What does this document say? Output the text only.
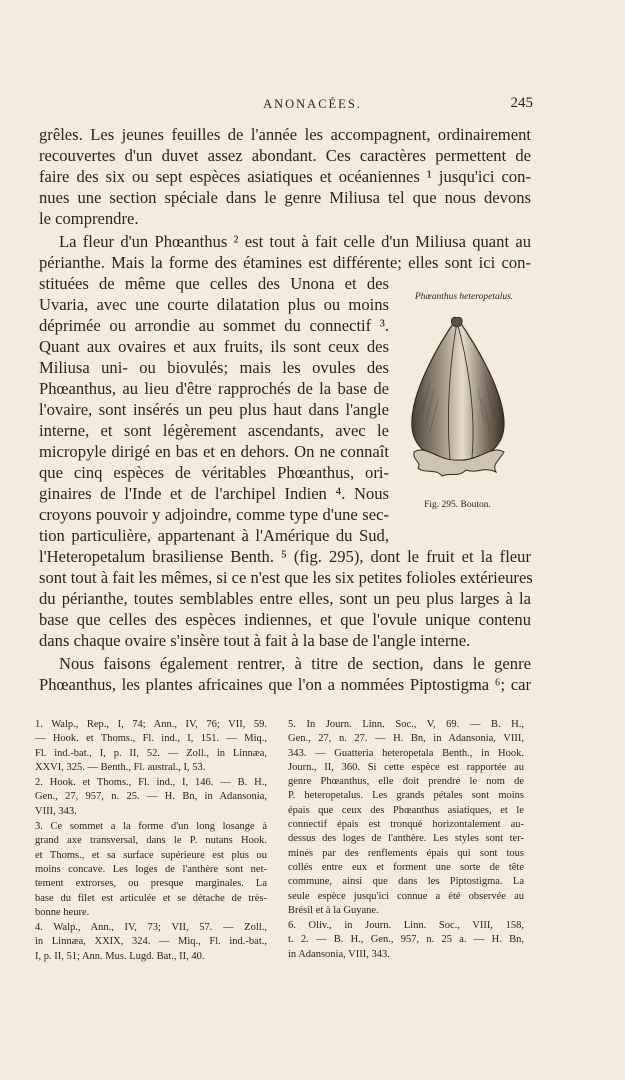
ANONACÉES.	245
grêles. Les jeunes feuilles de l'année les accompagnent, ordinairement
recouvertes d'un duvet assez abondant. Ces caractères permettent de
faire des six ou sept espèces asiatiques et océaniennes ¹ jusqu'ici con-
nues une section spéciale dans le genre Miliusa tel que nous devons
le comprendre.
La fleur d'un Phœanthus ² est tout à fait celle d'un Miliusa quant au
périanthe. Mais la forme des étamines est différente; elles sont ici con-
stituées de même que celles des Unona et des
Uvaria, avec une courte dilatation plus ou moins
déprimée ou arrondie au sommet du connectif ³.
Quant aux ovaires et aux fruits, ils sont ceux des
Miliusa uni- ou biovulés; mais les ovules des
Phœanthus, au lieu d'être rapprochés de la base de
l'ovaire, sont insérés un peu plus haut dans l'angle
interne, et sont légèrement ascendants, avec le
micropyle dirigé en bas et en dehors. On ne connaît
que cinq espèces de véritables Phœanthus, ori-
ginaires de l'Inde et de l'archipel Indien ⁴. Nous
croyons pouvoir y adjoindre, comme type d'une sec-
tion particulière, appartenant à l'Amérique du Sud,
l'Heteropetalum brasiliense Benth. ⁵ (fig. 295), dont le fruit et la fleur
sont tout à fait les mêmes, si ce n'est que les six petites folioles extérieures
du périanthe, toutes semblables entre elles, sont un peu plus larges à la
base que celles des espèces indiennes, et que l'ovule unique contenu
dans chaque ovaire s'insère tout à fait à la base de l'angle interne.
Nous faisons également rentrer, à titre de section, dans le genre
Phœanthus, les plantes africaines que l'on a nommées Piptostigma ⁶; car
Phœanthus heteropetalus.
Fig. 295. Bouton.
1. Walp., Rep., I, 74; Ann., IV, 76; VII, 59.
— Hook. et Thoms., Fl. ind., I, 151. — Miq.,
Fl. ind.-bat., I, p. II, 52. — Zoll., in Linnæa,
XXVI, 325. — Benth., Fl. austral., I, 53.
2. Hook. et Thoms., Fl. ind., I, 146. — B. H.,
Gen., 27, 957, n. 25. — H. Bn, in Adansonia,
VIII, 343.
3. Ce sommet a la forme d'un long losange à
grand axe transversal, dans le P. nutans Hook.
et Thoms., et sa surface supérieure est plus ou
moins concave. Les loges de l'anthère sont net-
tement extrorses, ou presque marginales. La
base du filet est articulée et se détache de très-
bonne heure.
4. Walp., Ann., IV, 73; VII, 57. — Zoll.,
in Linnæa, XXIX, 324. — Miq., Fl. ind.-bat.,
I, p. II, 51; Ann. Mus. Lugd. Bat., II, 40.
5. In Journ. Linn. Soc., V, 69. — B. H.,
Gen., 27, n. 27. — H. Bn, in Adansonia, VIII,
343. — Guatteria heteropetala Benth., in Hook.
Journ., II, 360. Si cette espèce est rapportée au
genre Phœanthus, elle doit prendre le nom de
P. heteropetalus. Les grands pétales sont moins
épais que ceux des Phœanthus asiatiques, et le
connectif épais est tronqué horizontalement au-
dessus des loges de l'anthère. Les styles sont ter-
minés par des renflements épais qui sont tous
collés entre eux et forment une sorte de tête
commune, ainsi que dans les Piptostigma. La
seule espèce jusqu'ici connue a été observée au
Brésil et à la Guyane.
6. Oliv., in Journ. Linn. Soc., VIII, 158,
t. 2. — B. H., Gen., 957, n. 25 a. — H. Bn,
in Adansonia, VIII, 343.
